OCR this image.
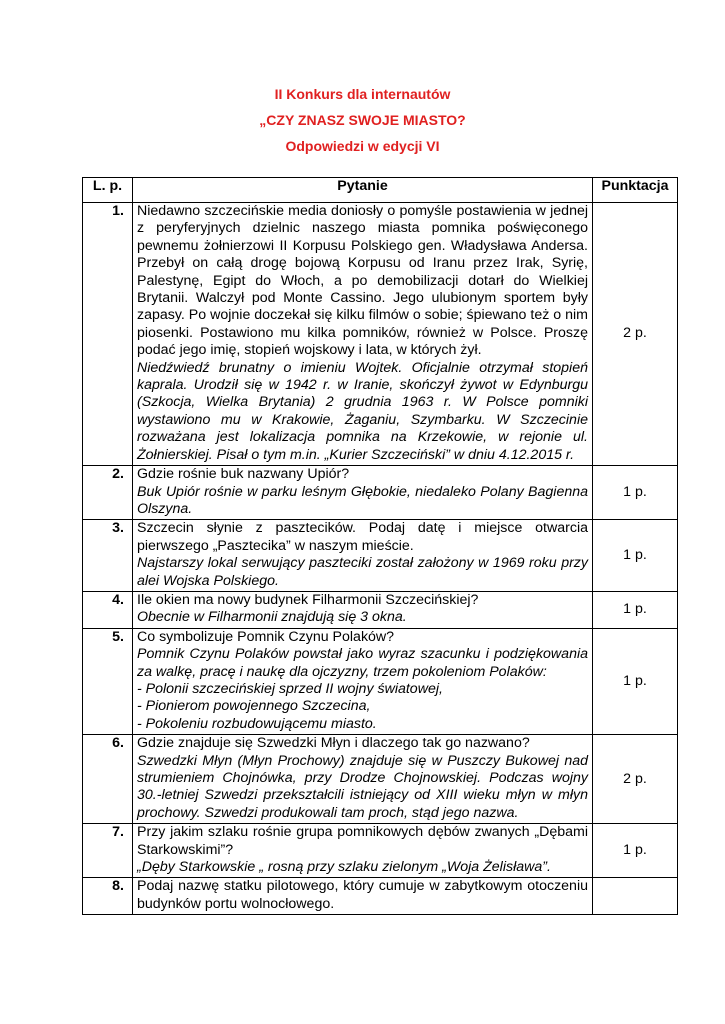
II Konkurs dla internautów
„CZY ZNASZ SWOJE MIASTO?
Odpowiedzi w edycji VI
L. p.	Pytanie	Punktacja
1.	Niedawno szczecińskie media doniosły o pomyśle postawienia w jednej z peryferyjnych dzielnic naszego miasta pomnika poświęconego pewnemu żołnierzowi II Korpusu Polskiego gen. Władysława Andersa. Przebył on całą drogę bojową Korpusu od Iranu przez Irak, Syrię, Palestynę, Egipt do Włoch, a po demobilizacji dotarł do Wielkiej Brytanii. Walczył pod Monte Cassino. Jego ulubionym sportem były zapasy. Po wojnie doczekał się kilku filmów o sobie; śpiewano też o nim piosenki. Postawiono mu kilka pomników, również w Polsce. Proszę podać jego imię, stopień wojskowy i lata, w których żył.
Niedźwiedź brunatny o imieniu Wojtek. Oficjalnie otrzymał stopień kaprala. Urodził się w 1942 r. w Iranie, skończył żywot w Edynburgu (Szkocja, Wielka Brytania) 2 grudnia 1963 r. W Polsce pomniki wystawiono mu w Krakowie, Żaganiu, Szymbarku. W Szczecinie rozważana jest lokalizacja pomnika na Krzekowie, w rejonie ul. Żołnierskiej. Pisał o tym m.in. „Kurier Szczeciński” w dniu 4.12.2015 r.	2 p.
2.	Gdzie rośnie buk nazwany Upiór?
Buk Upiór rośnie w parku leśnym Głębokie, niedaleko Polany Bagienna Olszyna.	1 p.
3.	Szczecin słynie z pasztecików. Podaj datę i miejsce otwarcia pierwszego „Pasztecika” w naszym mieście.
Najstarszy lokal serwujący paszteciki został założony w 1969 roku przy alei Wojska Polskiego.	1 p.
4.	Ile okien ma nowy budynek Filharmonii Szczecińskiej?
Obecnie w Filharmonii znajdują się 3 okna.	1 p.
5.	Co symbolizuje Pomnik Czynu Polaków?
Pomnik Czynu Polaków powstał jako wyraz szacunku i podziękowania za walkę, pracę i naukę dla ojczyzny, trzem pokoleniom Polaków:
- Polonii szczecińskiej sprzed II wojny światowej,
- Pionierom powojennego Szczecina,
- Pokoleniu rozbudowującemu miasto.	1 p.
6.	Gdzie znajduje się Szwedzki Młyn i dlaczego tak go nazwano?
Szwedzki Młyn (Młyn Prochowy) znajduje się w Puszczy Bukowej nad strumieniem Chojnówka, przy Drodze Chojnowskiej. Podczas wojny 30.-letniej Szwedzi przekształcili istniejący od XIII wieku młyn w młyn prochowy. Szwedzi produkowali tam proch, stąd jego nazwa.	2 p.
7.	Przy jakim szlaku rośnie grupa pomnikowych dębów zwanych „Dębami Starkowskimi”?
„Dęby Starkowskie „ rosną przy szlaku zielonym „Woja Żelisława”.	1 p.
8.	Podaj nazwę statku pilotowego, który cumuje w zabytkowym otoczeniu budynków portu wolnocłowego.	
